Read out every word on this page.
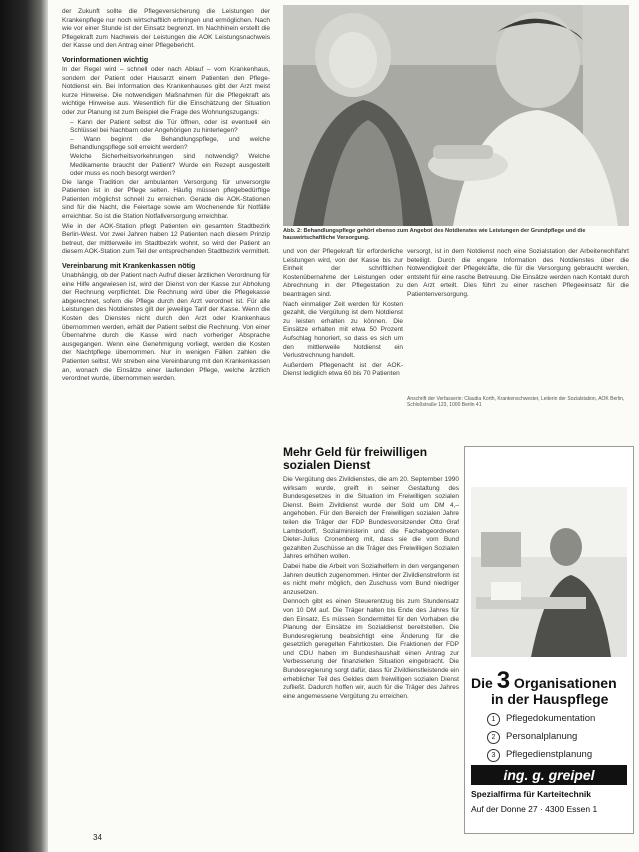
der Zukunft sollte die Pflegeversicherung die Leistungen der Krankenpflege nur noch wirtschaftlich erbringen und ermöglichen. Nach wie vor einer Stunde ist der Einsatz begrenzt. Im Nachhinein erstellt die Pflegekraft zum Nachweis der Leistungen die AOK Leistungsnachweis der Kasse und den Antrag einer Pflegebericht.

Vorinformationen wichtig

In der Regel wird – schnell oder nach Ablauf – vom Krankenhaus, sondern der Patient oder Hausarzt einem Patienten den Pflege-Notdienst ein. Bei Information des Krankenhauses gibt der Arzt meist kurze Hinweise. Die notwendigen Maßnahmen für die Pflegekraft als wichtige Hinweise aus. Wesentlich für die Einschätzung der Situation oder zur Planung ist zum Beispiel die Frage des Wohnungszugangs:

– Kann der Patient selbst die Tür öffnen, oder ist eventuell ein Schlüssel bei Nachbarn oder Angehörigen zu hinterlegen?

– Wann beginnt die Behandlungspflege, und welche Behandlungspflege soll erreicht werden?

Welche Sicherheitsvorkehrungen sind notwendig? Welche Medikamente braucht der Patient? Wurde ein Rezept ausgestellt oder muss es noch besorgt werden?

Die lange Tradition der ambulanten Versorgung für unversorgte Patienten ist in der Pflege selten. Häufig müssen pflegebedürftige Patienten möglichst schnell zu erreichen. Gerade die AOK-Stationen sind für die Nacht, die Feiertage sowie am Wochenende für Notfälle erreichbar. So ist die Station Notfallversorgung erreichbar.

Wie in der AOK-Station pflegt Patienten ein gesamten Stadtbezirk Berlin-West. Vor zwei Jahren haben 12 Patienten nach diesem Prinzip betreut, der mittlerweile im Stadtbezirk wohnt, so wird der Patient an diesem AOK-Station zum Teil der entsprechenden Stadtbezirk vermittelt.

Vereinbarung mit Krankenkassen nötig

Unabhängig, ob der Patient nach Aufruf dieser ärztlichen Verordnung für eine Hilfe angewiesen ist, wird der Dienst von der Kasse zur Abholung der Rechnung verpflichtet. Die Rechnung wird über die Pflegekasse abgerechnet, sofern die Pflege durch den Arzt verordnet ist. Für alle Leistungen des Notdienstes gilt der jeweilige Tarif der Kasse. Wenn die Kosten des Dienstes nicht durch den Arzt oder Krankenhaus übernommen werden, erhält der Patient selbst die Rechnung. Von einer Übernahme durch die Kasse wird nach vorheriger Absprache ausgegangen. Wenn eine Genehmigung vorliegt, werden die Kosten der Nachtpflege übernommen. Nur in wenigen Fällen zahlen die Patienten selbst. Wir streben eine Vereinbarung mit den Krankenkassen an, wonach die Einsätze einer laufenden Pflege, welche ärztlich verordnet wurde, übernommen werden.

Abb. 2: Behandlungspflege gehört ebenso zum Angebot des Notdienstes wie Leistungen der Grundpflege und die hauswirtschaftliche Versorgung.

und von der Pflegekraft für erforderliche Leistungen wird, von der Kasse bis zur Einheit der schriftlichen Kostenübernahme der Leistungen oder Abrechnung in der Pflegestation zu beantragen sind.

Nach einmaliger Zeit werden für Kosten gezahlt, die Vergütung ist dem Notdienst zu leisten erhalten zu können. Die Einsätze erhalten mit etwa 50 Prozent Aufschlag honoriert, so dass es sich um den mittlerweile Notdienst ein Verlustrechnung handelt.

Außerdem Pflegenacht ist der AOK-Dienst lediglich etwa 60 bis 70 Patienten

versorgt, ist in dem Notdienst noch eine Sozialstation der Arbeiterwohlfahrt beteiligt. Durch die engere Information des Notdienstes über die Notwendigkeit der Pflegekräfte, die für die Versorgung gebraucht werden, entsteht für eine rasche Betreuung. Die Einsätze werden nach Kontakt durch den Arzt erteilt. Dies führt zu einer raschen Pflegeeinsatz für die Patientenversorgung.

Anschrift der Verfasserin: Claudia Korth, Krankenschwester, Leiterin der Sozialstation, AOK Berlin, Schloßstraße 123, 1000 Berlin 41
Mehr Geld für freiwilligen sozialen Dienst

Die Vergütung des Zivildienstes, die am 20. September 1990 wirksam wurde, greift in seiner Gestaltung des Bundesgesetzes in die Situation im Freiwilligen sozialen Dienst. Beim Zivildienst wurde der Sold um DM 4,– angehoben. Für den Bereich der Freiwilligen sozialen Jahre teilen die Träger der FDP Bundesvorsitzender Otto Graf Lambsdorff, Sozialministerin und die Fachabgeordneten Dieter-Julius Cronenberg mit, dass sie die vom Bund gezahlten Zuschüsse an die Träger des Freiwilligen Sozialen Jahres erhöhen wollen.

Dabei habe die Arbeit von Sozialhelfern in den vergangenen Jahren deutlich zugenommen. Hinter der Zivildienstreform ist es nicht mehr möglich, den Zuschuss vom Bund niedriger anzusetzen.

Dennoch gibt es einen Steuerentzug bis zum Stundensatz von 10 DM auf. Die Träger halten bis Ende des Jahres für den Einsatz. Es müssen Sondermittel für den Vorhaben die Planung der Einsätze im Sozialdienst bereitstellen. Die Bundesregierung beabsichtigt eine Änderung für die gesetzlich geregelten Fahrtkosten. Die Fraktionen der FDP und CDU haben im Bundeshaushalt einen Antrag zur Verbesserung der finanziellen Situation eingebracht. Die Bundesregierung sorgt dafür, dass für Zivildienstleistende ein erheblicher Teil des Geldes dem freiwilligen sozialen Dienst zufließt. Dadurch hoffen wir, auch für die Träger des Jahres eine angemessene Vergütung zu erreichen.

Die 3 Organisationen
in der Hauspflege
1	Pflegedokumentation
2	Personalplanung
3	Pflegedienstplanung
ing. g. greipel
Spezialfirma für Karteitechnik
Auf der Donne 27 · 4300 Essen 1
34
